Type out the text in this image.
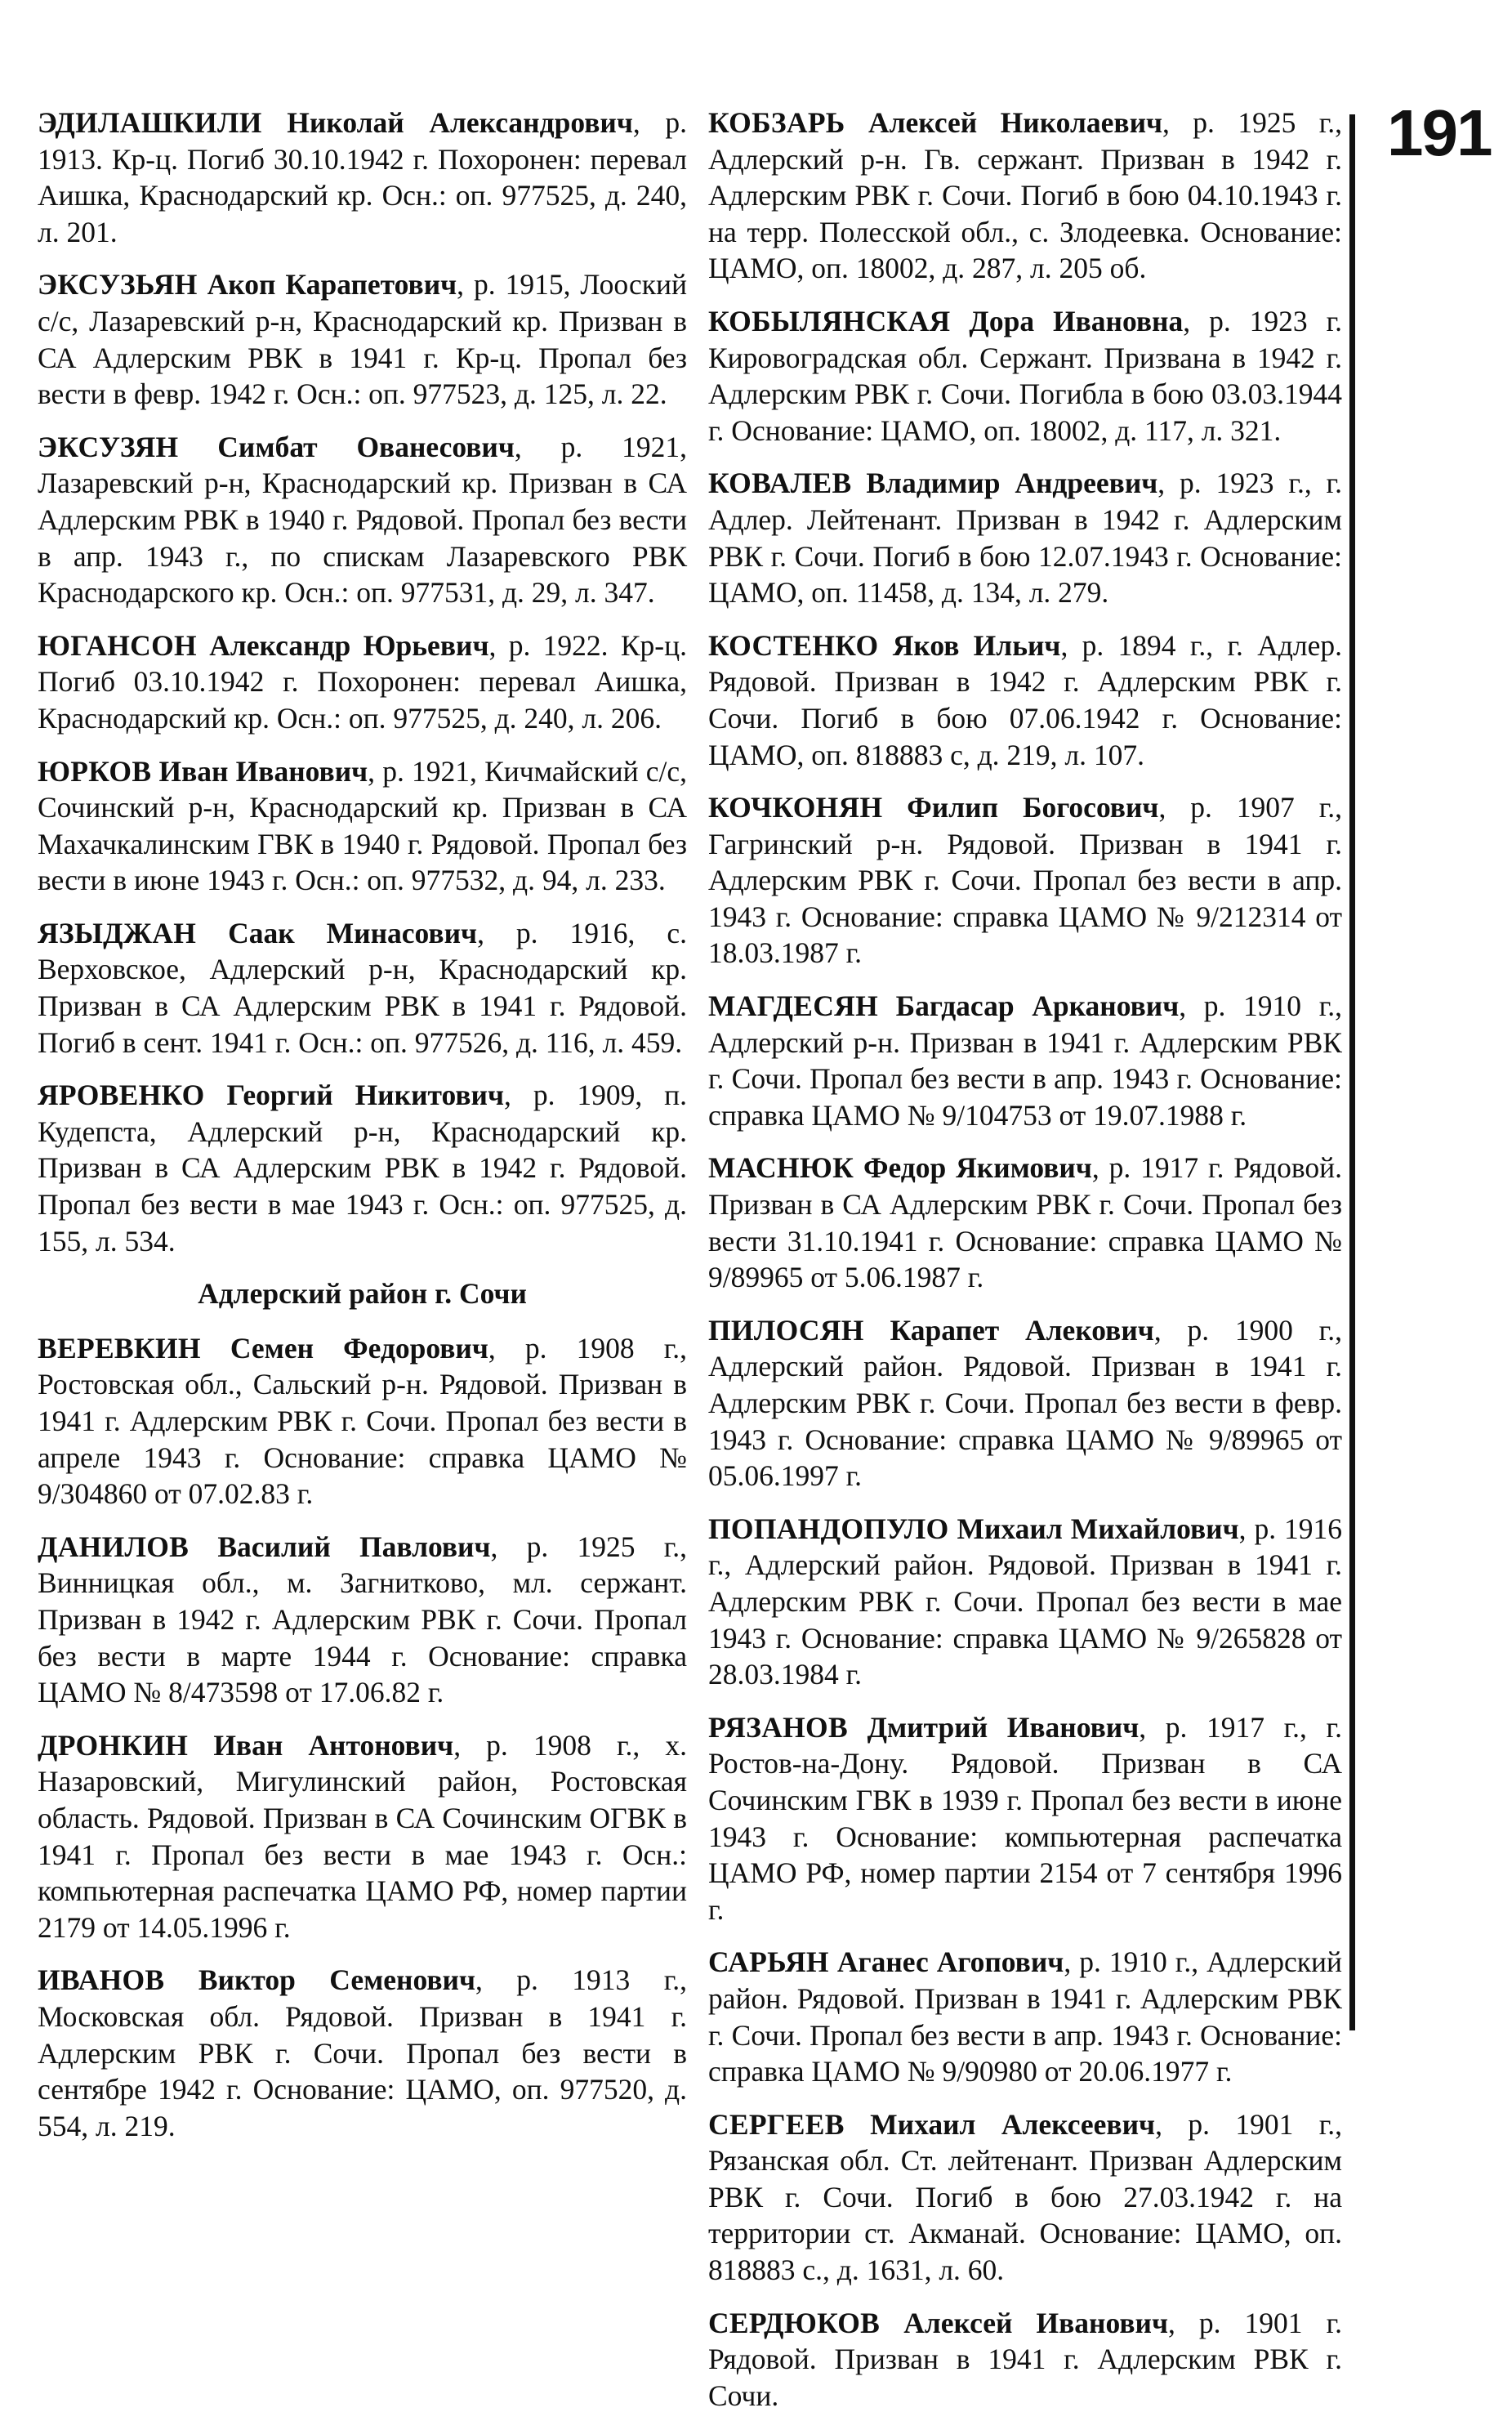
ЭДИЛАШКИЛИ Николай Александрович, р. 1913. Кр-ц. Погиб 30.10.1942 г. Похоронен: перевал Аишка, Краснодарский кр. Осн.: оп. 977525, д. 240, л. 201.

ЭКСУЗЬЯН Акоп Карапетович, р. 1915, Лооский с/с, Лазаревский р-н, Краснодарский кр. Призван в СА Адлерским РВК в 1941 г. Кр-ц. Пропал без вести в февр. 1942 г. Осн.: оп. 977523, д. 125, л. 22.

ЭКСУЗЯН Симбат Ованесович, р. 1921, Лазаревский р-н, Краснодарский кр. Призван в СА Адлерским РВК в 1940 г. Рядовой. Пропал без вести в апр. 1943 г., по спискам Лазаревского РВК Краснодарского кр. Осн.: оп. 977531, д. 29, л. 347.

ЮГАНСОН Александр Юрьевич, р. 1922. Кр-ц. Погиб 03.10.1942 г. Похоронен: перевал Аишка, Краснодарский кр. Осн.: оп. 977525, д. 240, л. 206.

ЮРКОВ Иван Иванович, р. 1921, Кичмайский с/с, Сочинский р-н, Краснодарский кр. Призван в СА Махачкалинским ГВК в 1940 г. Рядовой. Пропал без вести в июне 1943 г. Осн.: оп. 977532, д. 94, л. 233.

ЯЗЫДЖАН Саак Минасович, р. 1916, с. Верховское, Адлерский р-н, Краснодарский кр. Призван в СА Адлерским РВК в 1941 г. Рядовой. Погиб в сент. 1941 г. Осн.: оп. 977526, д. 116, л. 459.

ЯРОВЕНКО Георгий Никитович, р. 1909, п. Кудепста, Адлерский р-н, Краснодарский кр. Призван в СА Адлерским РВК в 1942 г. Рядовой. Пропал без вести в мае 1943 г. Осн.: оп. 977525, д. 155, л. 534.

Адлерский район г. Сочи

ВЕРЕВКИН Семен Федорович, р. 1908 г., Ростовская обл., Сальский р-н. Рядовой. Призван в 1941 г. Адлерским РВК г. Сочи. Пропал без вести в апреле 1943 г. Основание: справка ЦАМО № 9/304860 от 07.02.83 г.

ДАНИЛОВ Василий Павлович, р. 1925 г., Винницкая обл., м. Загнитково, мл. сержант. Призван в 1942 г. Адлерским РВК г. Сочи. Пропал без вести в марте 1944 г. Основание: справка ЦАМО № 8/473598 от 17.06.82 г.

ДРОНКИН Иван Антонович, р. 1908 г., х. Назаровский, Мигулинский район, Ростовская область. Рядовой. Призван в СА Сочинским ОГВК в 1941 г. Пропал без вести в мае 1943 г. Осн.: компьютерная распечатка ЦАМО РФ, номер партии 2179 от 14.05.1996 г.

ИВАНОВ Виктор Семенович, р. 1913 г., Московская обл. Рядовой. Призван в 1941 г. Адлерским РВК г. Сочи. Пропал без вести в сентябре 1942 г. Основание: ЦАМО, оп. 977520, д. 554, л. 219.

КОБЗАРЬ Алексей Николаевич, р. 1925 г., Адлерский р-н. Гв. сержант. Призван в 1942 г. Адлерским РВК г. Сочи. Погиб в бою 04.10.1943 г. на терр. Полесской обл., с. Злодеевка. Основание: ЦАМО, оп. 18002, д. 287, л. 205 об.

КОБЫЛЯНСКАЯ Дора Ивановна, р. 1923 г. Кировоградская обл. Сержант. Призвана в 1942 г. Адлерским РВК г. Сочи. Погибла в бою 03.03.1944 г. Основание: ЦАМО, оп. 18002, д. 117, л. 321.

КОВАЛЕВ Владимир Андреевич, р. 1923 г., г. Адлер. Лейтенант. Призван в 1942 г. Адлерским РВК г. Сочи. Погиб в бою 12.07.1943 г. Основание: ЦАМО, оп. 11458, д. 134, л. 279.

КОСТЕНКО Яков Ильич, р. 1894 г., г. Адлер. Рядовой. Призван в 1942 г. Адлерским РВК г. Сочи. Погиб в бою 07.06.1942 г. Основание: ЦАМО, оп. 818883 с, д. 219, л. 107.

КОЧКОНЯН Филип Богосович, р. 1907 г., Гагринский р-н. Рядовой. Призван в 1941 г. Адлерским РВК г. Сочи. Пропал без вести в апр. 1943 г. Основание: справка ЦАМО № 9/212314 от 18.03.1987 г.

МАГДЕСЯН Багдасар Арканович, р. 1910 г., Адлерский р-н. Призван в 1941 г. Адлерским РВК г. Сочи. Пропал без вести в апр. 1943 г. Основание: справка ЦАМО № 9/104753 от 19.07.1988 г.

МАСНЮК Федор Якимович, р. 1917 г. Рядовой. Призван в СА Адлерским РВК г. Сочи. Пропал без вести 31.10.1941 г. Основание: справка ЦАМО № 9/89965 от 5.06.1987 г.

ПИЛОСЯН Карапет Алекович, р. 1900 г., Адлерский район. Рядовой. Призван в 1941 г. Адлерским РВК г. Сочи. Пропал без вести в февр. 1943 г. Основание: справка ЦАМО № 9/89965 от 05.06.1997 г.

ПОПАНДОПУЛО Михаил Михайлович, р. 1916 г., Адлерский район. Рядовой. Призван в 1941 г. Адлерским РВК г. Сочи. Пропал без вести в мае 1943 г. Основание: справка ЦАМО № 9/265828 от 28.03.1984 г.

РЯЗАНОВ Дмитрий Иванович, р. 1917 г., г. Ростов-на-Дону. Рядовой. Призван в СА Сочинским ГВК в 1939 г. Пропал без вести в июне 1943 г. Основание: компьютерная распечатка ЦАМО РФ, номер партии 2154 от 7 сентября 1996 г.

САРЬЯН Аганес Агопович, р. 1910 г., Адлерский район. Рядовой. Призван в 1941 г. Адлерским РВК г. Сочи. Пропал без вести в апр. 1943 г. Основание: справка ЦАМО № 9/90980 от 20.06.1977 г.

СЕРГЕЕВ Михаил Алексеевич, р. 1901 г., Рязанская обл. Ст. лейтенант. Призван Адлерским РВК г. Сочи. Погиб в бою 27.03.1942 г. на территории ст. Акманай. Основание: ЦАМО, оп. 818883 с., д. 1631, л. 60.

СЕРДЮКОВ Алексей Иванович, р. 1901 г. Рядовой. Призван в 1941 г. Адлерским РВК г. Сочи.

191
